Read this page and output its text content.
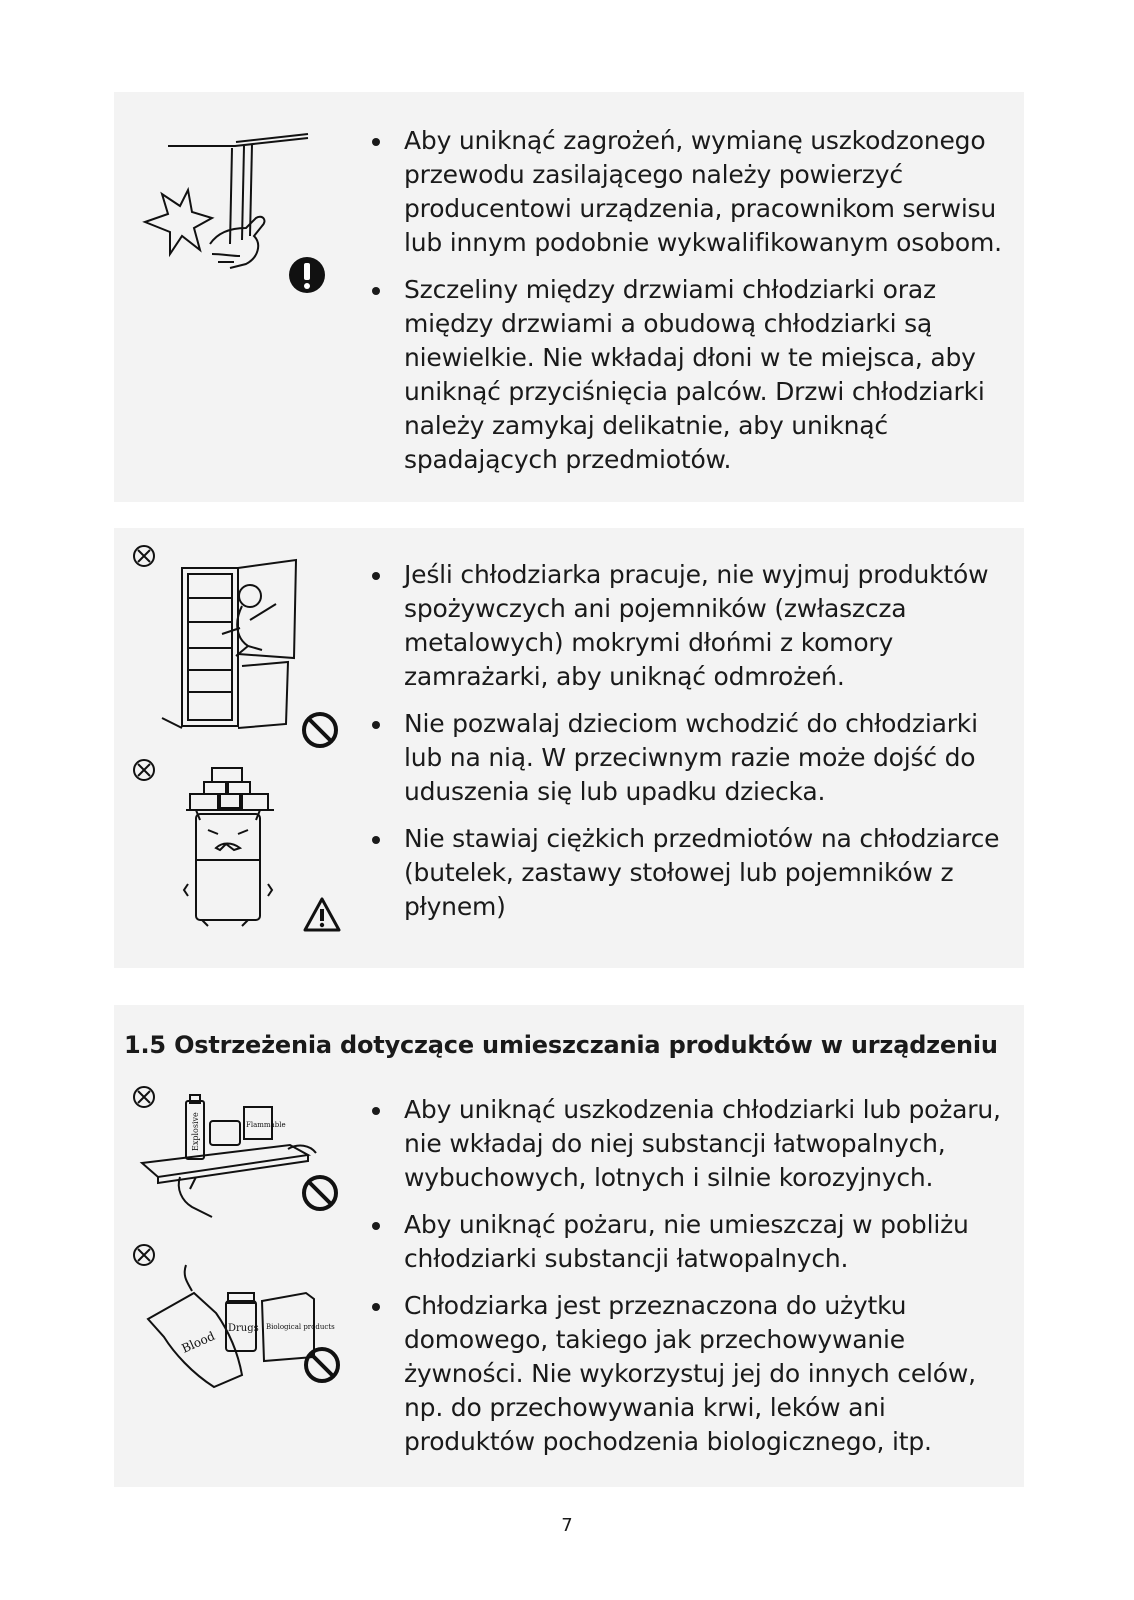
Aby uniknąć zagrożeń, wymianę uszkodzonego przewodu zasilającego należy powierzyć producentowi urządzenia, pracownikom serwisu lub innym podobnie wykwalifikowanym osobom.
Szczeliny między drzwiami chłodziarki oraz między drzwiami a obudową chłodziarki są niewielkie. Nie wkładaj dłoni w te miejsca, aby uniknąć przyciśnięcia palców. Drzwi chłodziarki należy zamykaj delikatnie, aby uniknąć spadających przedmiotów.
Jeśli chłodziarka pracuje, nie wyjmuj produktów spożywczych ani pojemników (zwłaszcza metalowych) mokrymi dłońmi z komory zamrażarki, aby uniknąć odmrożeń.
Nie pozwalaj dzieciom wchodzić do chłodziarki lub na nią. W przeciwnym razie może dojść do uduszenia się lub upadku dziecka.
Nie stawiaj ciężkich przedmiotów na chłodziarce (butelek, zastawy stołowej lub pojemników z płynem)
1.5 Ostrzeżenia dotyczące umieszczania produktów w urządzeniu
Explosive	Flammable
Blood
Drugs Biological products
Aby uniknąć uszkodzenia chłodziarki lub pożaru, nie wkładaj do niej substancji łatwopalnych, wybuchowych, lotnych i silnie korozyjnych.
Aby uniknąć pożaru, nie umieszczaj w pobliżu chłodziarki substancji łatwopalnych.
Chłodziarka jest przeznaczona do użytku domowego, takiego jak przechowywanie żywności. Nie wykorzystuj jej do innych celów, np. do przechowywania krwi, leków ani produktów pochodzenia biologicznego, itp.
7
